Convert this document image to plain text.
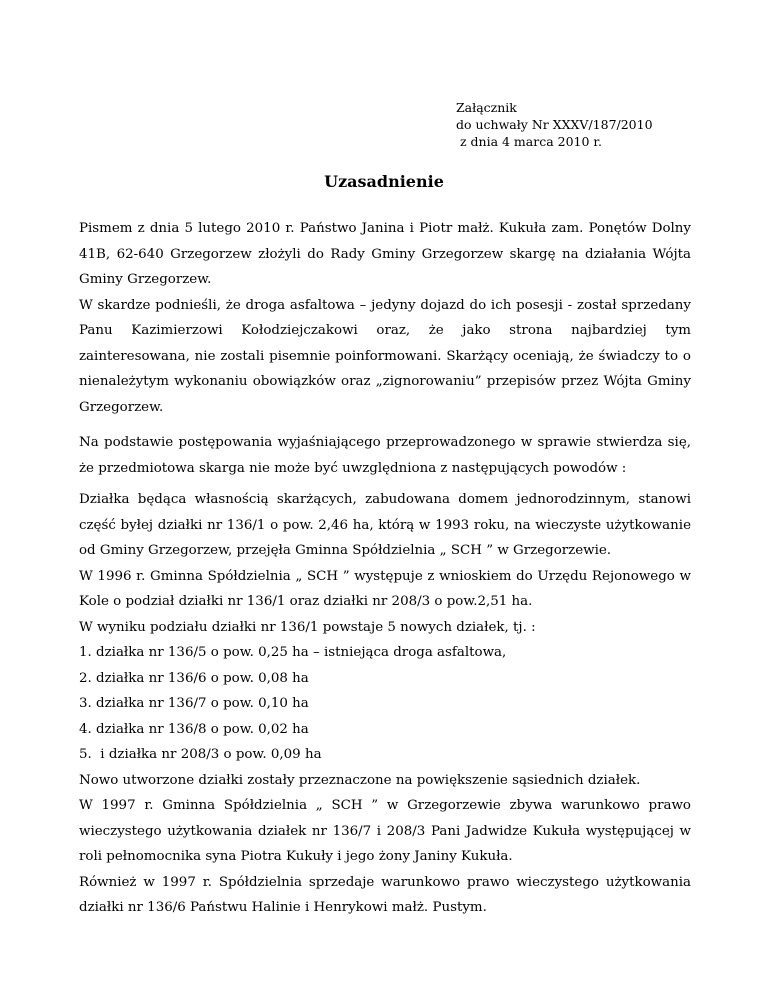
Załącznik
do uchwały Nr XXXV/187/2010
z dnia 4 marca 2010 r.
Uzasadnienie

Pismem z dnia 5 lutego 2010 r. Państwo Janina i Piotr małż. Kukuła zam. Ponętów Dolny 41B, 62-640 Grzegorzew złożyli do Rady Gminy Grzegorzew skargę na działania Wójta Gminy Grzegorzew.

W skardze podnieśli, że droga asfaltowa – jedyny dojazd do ich posesji - został sprzedany Panu Kazimierzowi Kołodziejczakowi oraz, że jako strona najbardziej tym zainteresowana, nie zostali pisemnie poinformowani. Skarżący oceniają, że świadczy to o nienależytym wykonaniu obowiązków oraz „zignorowaniu” przepisów przez Wójta Gminy Grzegorzew.

Na podstawie postępowania wyjaśniającego przeprowadzonego w sprawie stwierdza się, że przedmiotowa skarga nie może być uwzględniona z następujących powodów :

Działka będąca własnością skarżących, zabudowana domem jednorodzinnym, stanowi część byłej działki nr 136/1 o pow. 2,46 ha, którą w 1993 roku, na wieczyste użytkowanie od Gminy Grzegorzew, przejęła Gminna Spółdzielnia „ SCH ” w Grzegorzewie.

W 1996 r. Gminna Spółdzielnia „ SCH ” występuje z wnioskiem do Urzędu Rejonowego w Kole o podział działki nr 136/1 oraz działki nr 208/3 o pow.2,51 ha.

W wyniku podziału działki nr 136/1 powstaje 5 nowych działek, tj. :

1. działka nr 136/5 o pow. 0,25 ha – istniejąca droga asfaltowa,

2. działka nr 136/6 o pow. 0,08 ha

3. działka nr 136/7 o pow. 0,10 ha

4. działka nr 136/8 o pow. 0,02 ha

5.  i działka nr 208/3 o pow. 0,09 ha

Nowo utworzone działki zostały przeznaczone na powiększenie sąsiednich działek.

W 1997 r. Gminna Spółdzielnia „ SCH ” w Grzegorzewie zbywa warunkowo prawo wieczystego użytkowania działek nr 136/7 i 208/3 Pani Jadwidze Kukuła występującej w roli pełnomocnika syna Piotra Kukuły i jego żony Janiny Kukuła.

Również w 1997 r. Spółdzielnia sprzedaje warunkowo prawo wieczystego użytkowania działki nr 136/6 Państwu Halinie i Henrykowi małż. Pustym.
